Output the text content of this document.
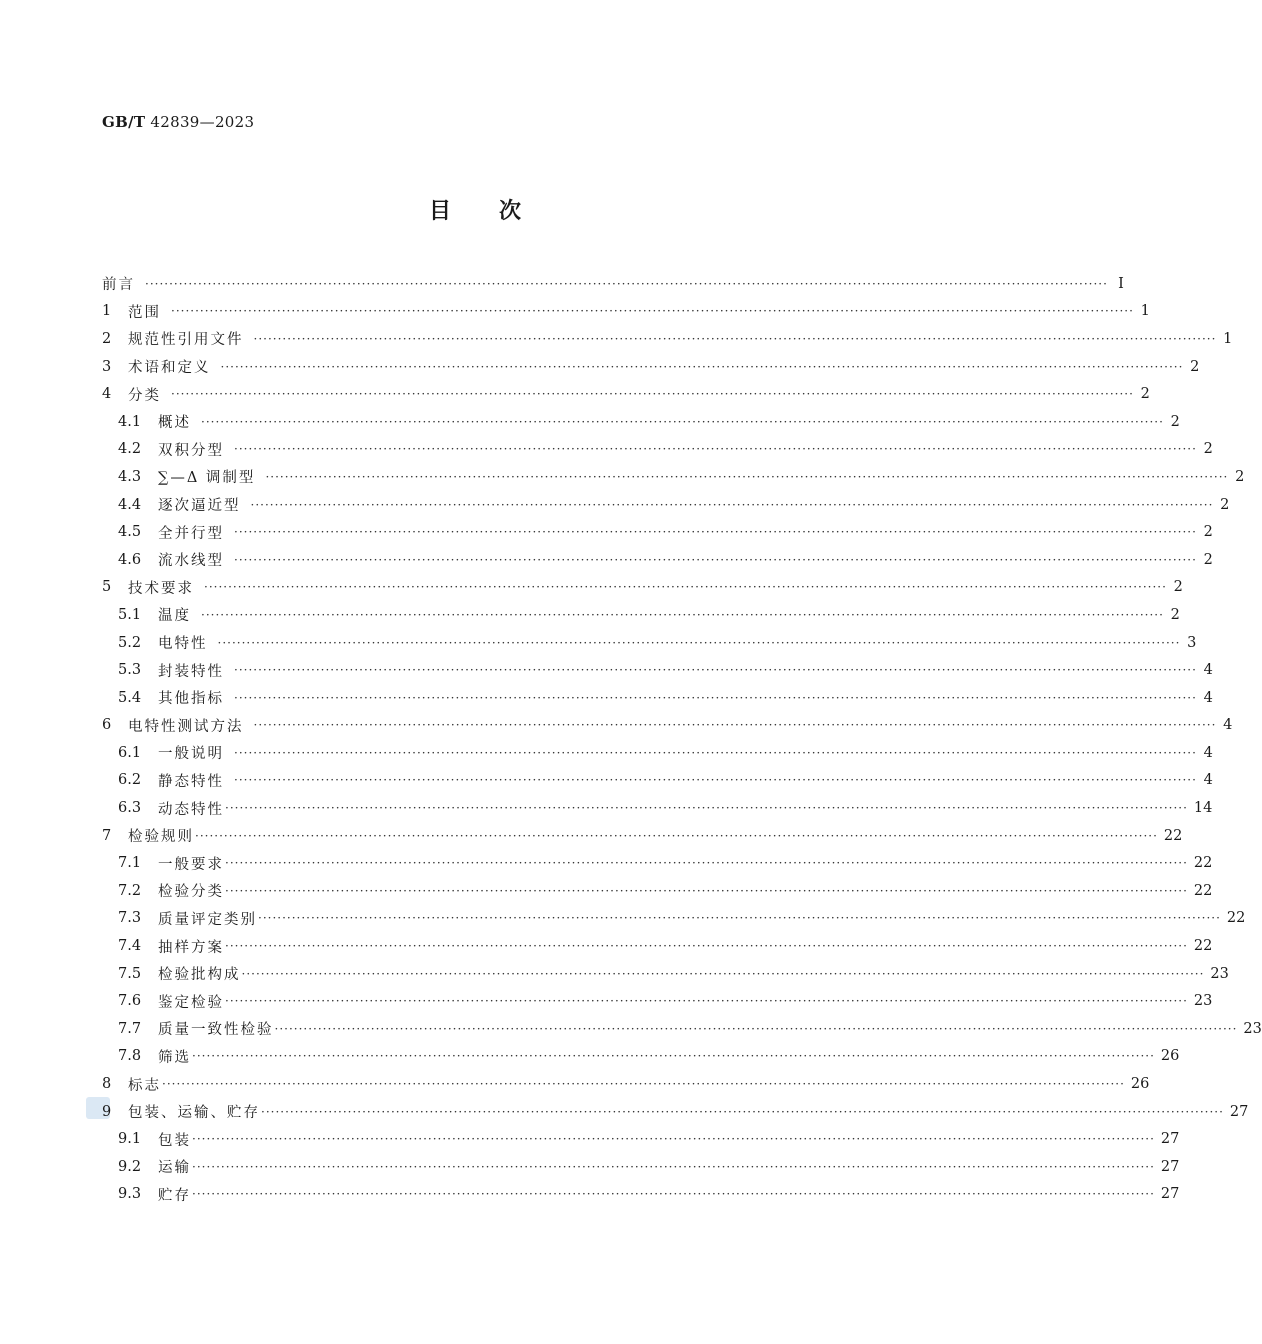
GB/T 42839—2023
目次
前言 ········································································································································································································ I
1	范围 ········································································································································································································ 1
2	规范性引用文件 ········································································································································································································ 1
3	术语和定义 ········································································································································································································ 2
4	分类 ········································································································································································································ 2
4.1	概述 ········································································································································································································ 2
4.2	双积分型 ········································································································································································································ 2
4.3	∑—Δ 调制型 ········································································································································································································ 2
4.4	逐次逼近型 ········································································································································································································ 2
4.5	全并行型 ········································································································································································································ 2
4.6	流水线型 ········································································································································································································ 2
5	技术要求 ········································································································································································································ 2
5.1	温度 ········································································································································································································ 2
5.2	电特性 ········································································································································································································ 3
5.3	封装特性 ········································································································································································································ 4
5.4	其他指标 ········································································································································································································ 4
6	电特性测试方法 ········································································································································································································ 4
6.1	一般说明 ········································································································································································································ 4
6.2	静态特性 ········································································································································································································ 4
6.3	动态特性 ········································································································································································································ 14
7	检验规则 ········································································································································································································ 22
7.1	一般要求 ········································································································································································································ 22
7.2	检验分类 ········································································································································································································ 22
7.3	质量评定类别 ········································································································································································································ 22
7.4	抽样方案 ········································································································································································································ 22
7.5	检验批构成 ········································································································································································································ 23
7.6	鉴定检验 ········································································································································································································ 23
7.7	质量一致性检验 ········································································································································································································ 23
7.8	筛选 ········································································································································································································ 26
8	标志 ········································································································································································································ 26
9	包装、运输、贮存 ········································································································································································································ 27
9.1	包装 ········································································································································································································ 27
9.2	运输 ········································································································································································································ 27
9.3	贮存 ········································································································································································································ 27
